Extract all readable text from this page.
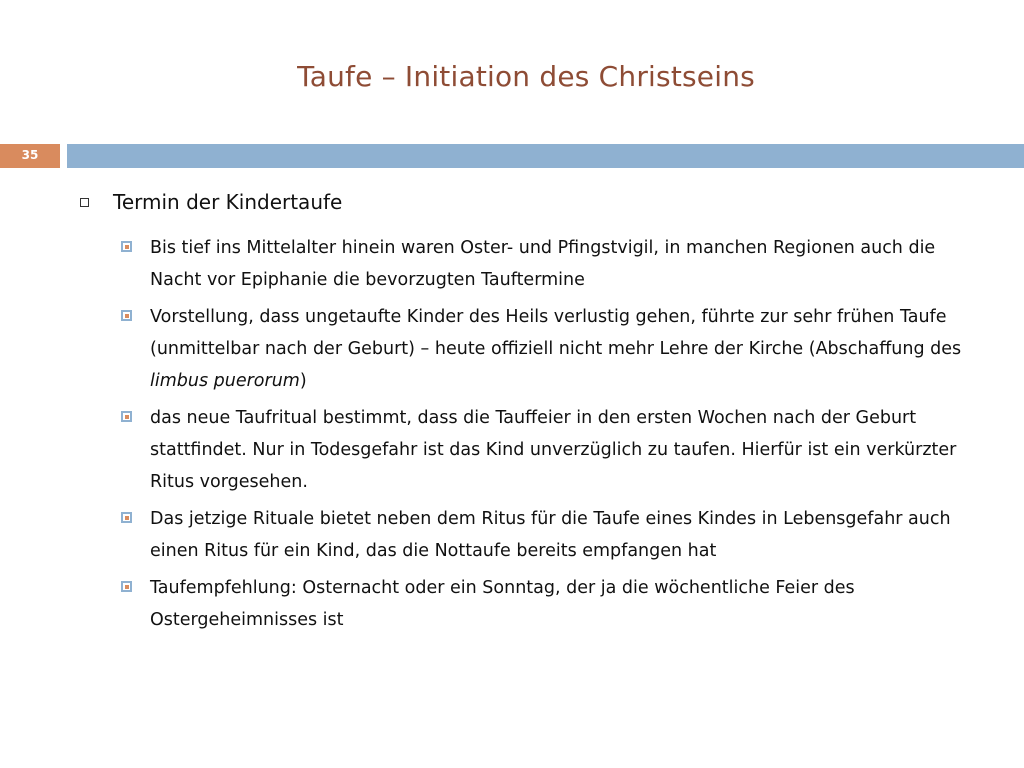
Taufe – Initiation des Christseins
35
Termin der Kindertaufe
Bis tief ins Mittelalter hinein waren Oster- und Pfingstvigil, in manchen Regionen auch die Nacht vor Epiphanie die bevorzugten Tauftermine
Vorstellung, dass ungetaufte Kinder des Heils verlustig gehen, führte zur sehr frühen Taufe (unmittelbar nach der Geburt) – heute offiziell nicht mehr Lehre der Kirche (Abschaffung des limbus puerorum)
das neue Taufritual bestimmt, dass die Tauffeier in den ersten Wochen nach der Geburt stattfindet. Nur in Todesgefahr ist das Kind unverzüglich zu taufen. Hierfür ist ein verkürzter Ritus vorgesehen.
Das jetzige Rituale bietet neben dem Ritus für die Taufe eines Kindes in Lebensgefahr auch einen Ritus für ein Kind, das die Nottaufe bereits empfangen hat
Taufempfehlung: Osternacht oder ein Sonntag, der ja die wöchentliche Feier des Ostergeheimnisses ist
